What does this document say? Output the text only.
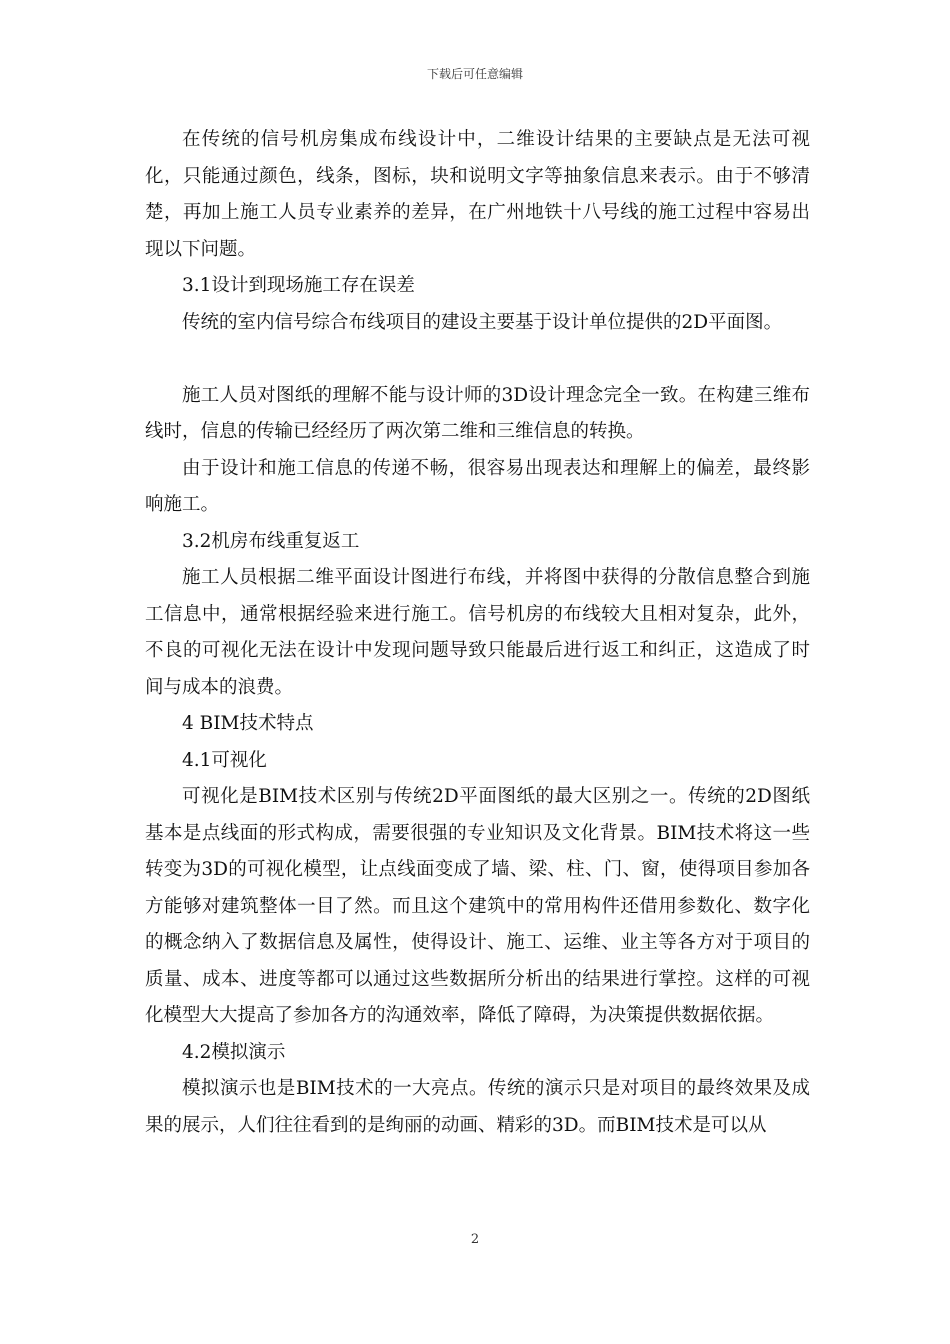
下载后可任意编辑

在传统的信号机房集成布线设计中，二维设计结果的主要缺点是无法可视化，只能通过颜色，线条，图标，块和说明文字等抽象信息来表示。由于不够清楚，再加上施工人员专业素养的差异，在广州地铁十八号线的施工过程中容易出现以下问题。

3.1设计到现场施工存在误差

传统的室内信号综合布线项目的建设主要基于设计单位提供的2D平面图。

施工人员对图纸的理解不能与设计师的3D设计理念完全一致。在构建三维布线时，信息的传输已经经历了两次第二维和三维信息的转换。

由于设计和施工信息的传递不畅，很容易出现表达和理解上的偏差，最终影响施工。

3.2机房布线重复返工

施工人员根据二维平面设计图进行布线，并将图中获得的分散信息整合到施工信息中，通常根据经验来进行施工。信号机房的布线较大且相对复杂，此外，不良的可视化无法在设计中发现问题导致只能最后进行返工和纠正，这造成了时间与成本的浪费。

4 BIM技术特点

4.1可视化

可视化是BIM技术区别与传统2D平面图纸的最大区别之一。传统的2D图纸基本是点线面的形式构成，需要很强的专业知识及文化背景。BIM技术将这一些转变为3D的可视化模型，让点线面变成了墙、梁、柱、门、窗，使得项目参加各方能够对建筑整体一目了然。而且这个建筑中的常用构件还借用参数化、数字化的概念纳入了数据信息及属性，使得设计、施工、运维、业主等各方对于项目的质量、成本、进度等都可以通过这些数据所分析出的结果进行掌控。这样的可视化模型大大提高了参加各方的沟通效率，降低了障碍，为决策提供数据依据。

4.2模拟演示

模拟演示也是BIM技术的一大亮点。传统的演示只是对项目的最终效果及成果的展示，人们往往看到的是绚丽的动画、精彩的3D。而BIM技术是可以从

2
